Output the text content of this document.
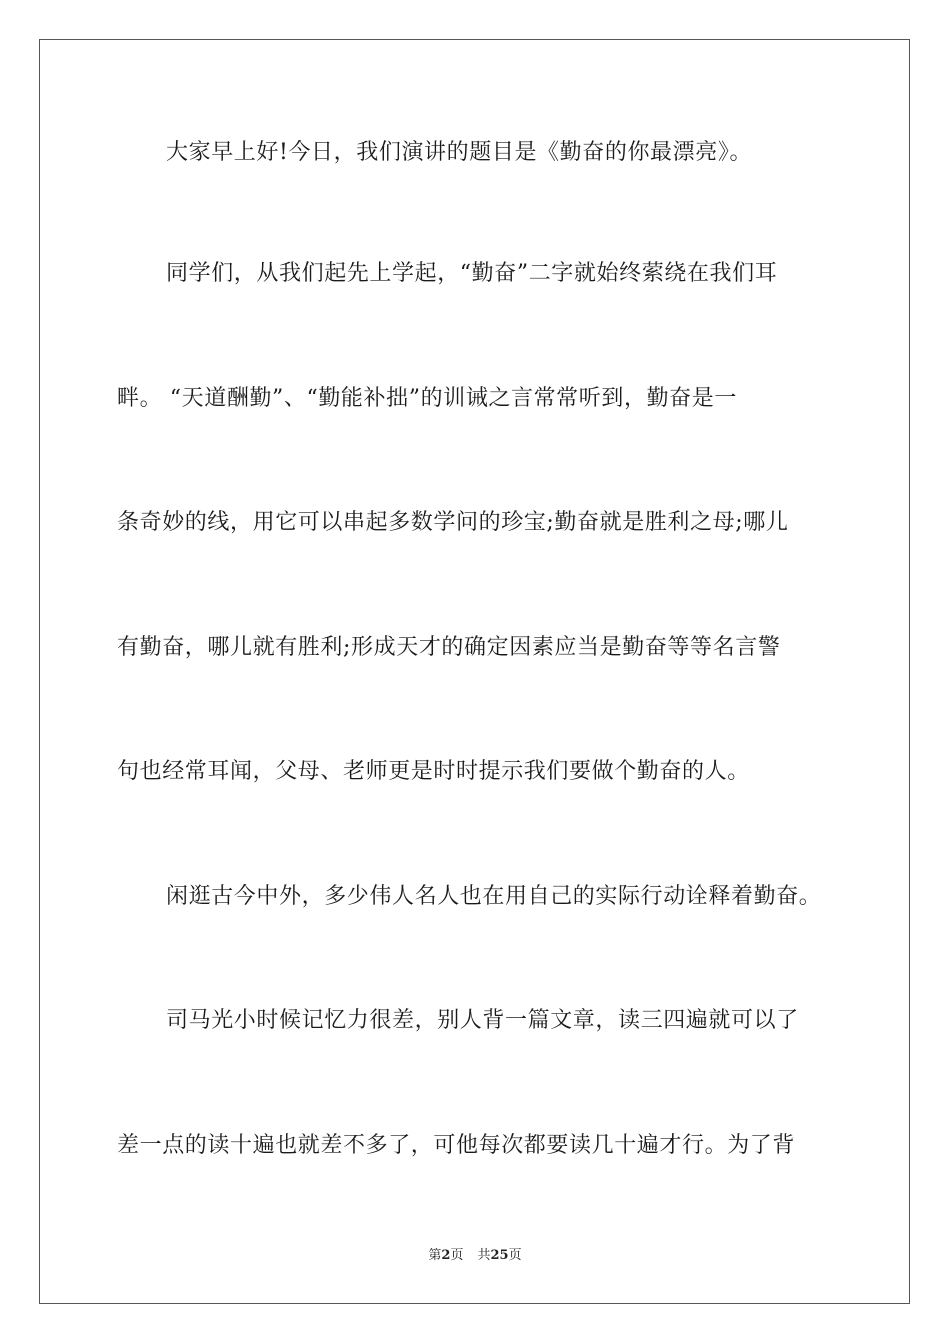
大家早上好!今日，我们演讲的题目是《勤奋的你最漂亮》。
同学们，从我们起先上学起，“勤奋”二字就始终萦绕在我们耳
畔。 “天道酬勤”、“勤能补拙”的训诫之言常常听到，勤奋是一
条奇妙的线，用它可以串起多数学问的珍宝;勤奋就是胜利之母;哪儿
有勤奋，哪儿就有胜利;形成天才的确定因素应当是勤奋等等名言警
句也经常耳闻，父母、老师更是时时提示我们要做个勤奋的人。
闲逛古今中外，多少伟人名人也在用自己的实际行动诠释着勤奋。
司马光小时候记忆力很差，别人背一篇文章，读三四遍就可以了
差一点的读十遍也就差不多了，可他每次都要读几十遍才行。为了背
第2页 共25页
